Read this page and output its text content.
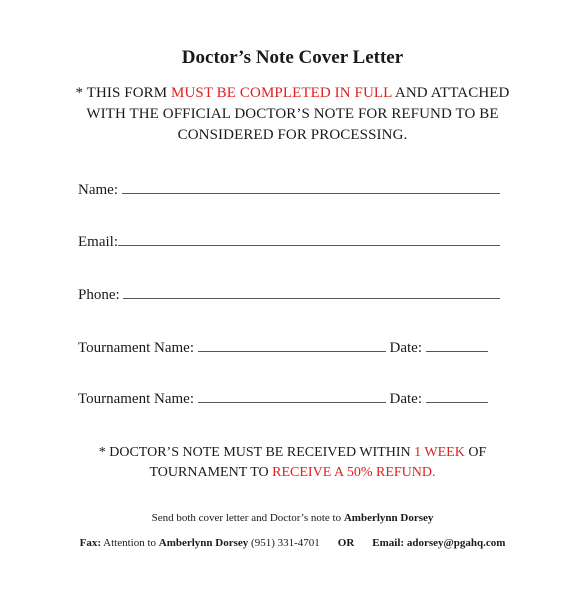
Doctor’s Note Cover Letter
* THIS FORM MUST BE COMPLETED IN FULL AND ATTACHED
WITH THE OFFICIAL DOCTOR’S NOTE FOR REFUND TO BE
CONSIDERED FOR PROCESSING.
Name:
Email:
Phone:
Tournament Name:	Date:
Tournament Name:	Date:
* DOCTOR’S NOTE MUST BE RECEIVED WITHIN 1 WEEK OF
TOURNAMENT TO RECEIVE A 50% REFUND.
Send both cover letter and Doctor’s note to Amberlynn Dorsey
Fax: Attention to Amberlynn Dorsey (951) 331-4701 OR Email: adorsey@pgahq.com
